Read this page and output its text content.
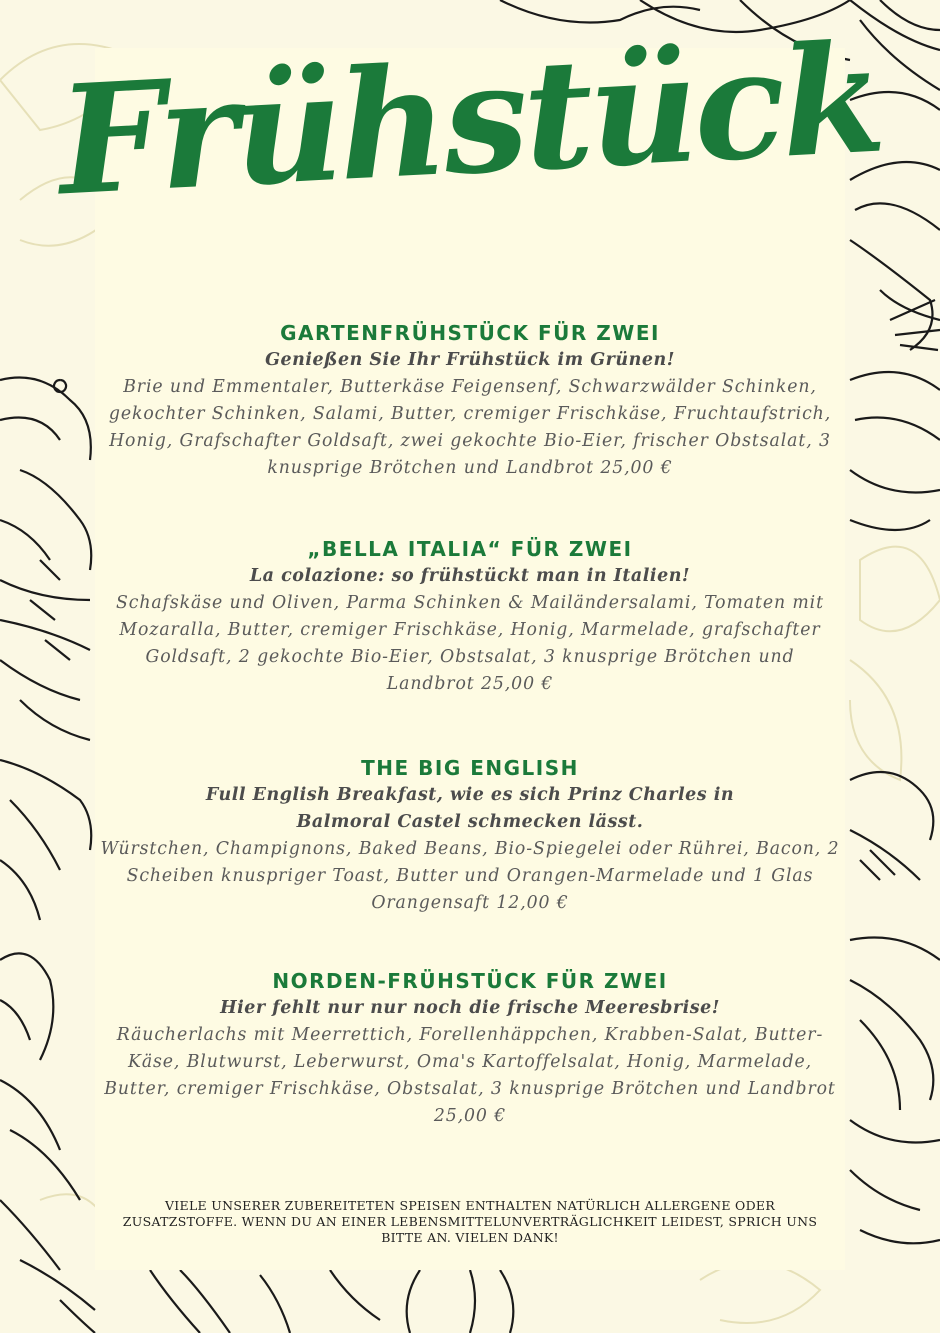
Frühstück

GARTENFRÜHSTÜCK FÜR ZWEI

Genießen Sie Ihr Frühstück im Grünen!

Brie und Emmentaler, Butterkäse Feigensenf, Schwarzwälder Schinken, gekochter Schinken, Salami, Butter, cremiger Frischkäse, Fruchtaufstrich, Honig, Grafschafter Goldsaft, zwei gekochte Bio-Eier, frischer Obstsalat, 3 knusprige Brötchen und Landbrot 25,00 €

„BELLA ITALIA“ FÜR ZWEI

La colazione: so frühstückt man in Italien!

Schafskäse und Oliven, Parma Schinken & Mailändersalami, Tomaten mit Mozaralla, Butter, cremiger Frischkäse, Honig, Marmelade, grafschafter Goldsaft, 2 gekochte Bio-Eier, Obstsalat, 3 knusprige Brötchen und Landbrot 25,00 €

THE BIG ENGLISH

Full English Breakfast, wie es sich Prinz Charles in Balmoral Castel schmecken lässt.

Würstchen, Champignons, Baked Beans, Bio-Spiegelei oder Rührei, Bacon, 2 Scheiben knuspriger Toast, Butter und Orangen-Marmelade und 1 Glas Orangensaft 12,00 €

NORDEN-FRÜHSTÜCK FÜR ZWEI

Hier fehlt nur nur noch die frische Meeresbrise!

Räucherlachs mit Meerrettich, Forellenhäppchen, Krabben-Salat, Butter-Käse, Blutwurst, Leberwurst, Oma's Kartoffelsalat, Honig, Marmelade, Butter, cremiger Frischkäse, Obstsalat, 3 knusprige Brötchen und Landbrot 25,00 €

VIELE UNSERER ZUBEREITETEN SPEISEN ENTHALTEN NATÜRLICH ALLERGENE ODER ZUSATZSTOFFE. WENN DU AN EINER LEBENSMITTELUNVERTRÄGLICHKEIT LEIDEST, SPRICH UNS BITTE AN. VIELEN DANK!
